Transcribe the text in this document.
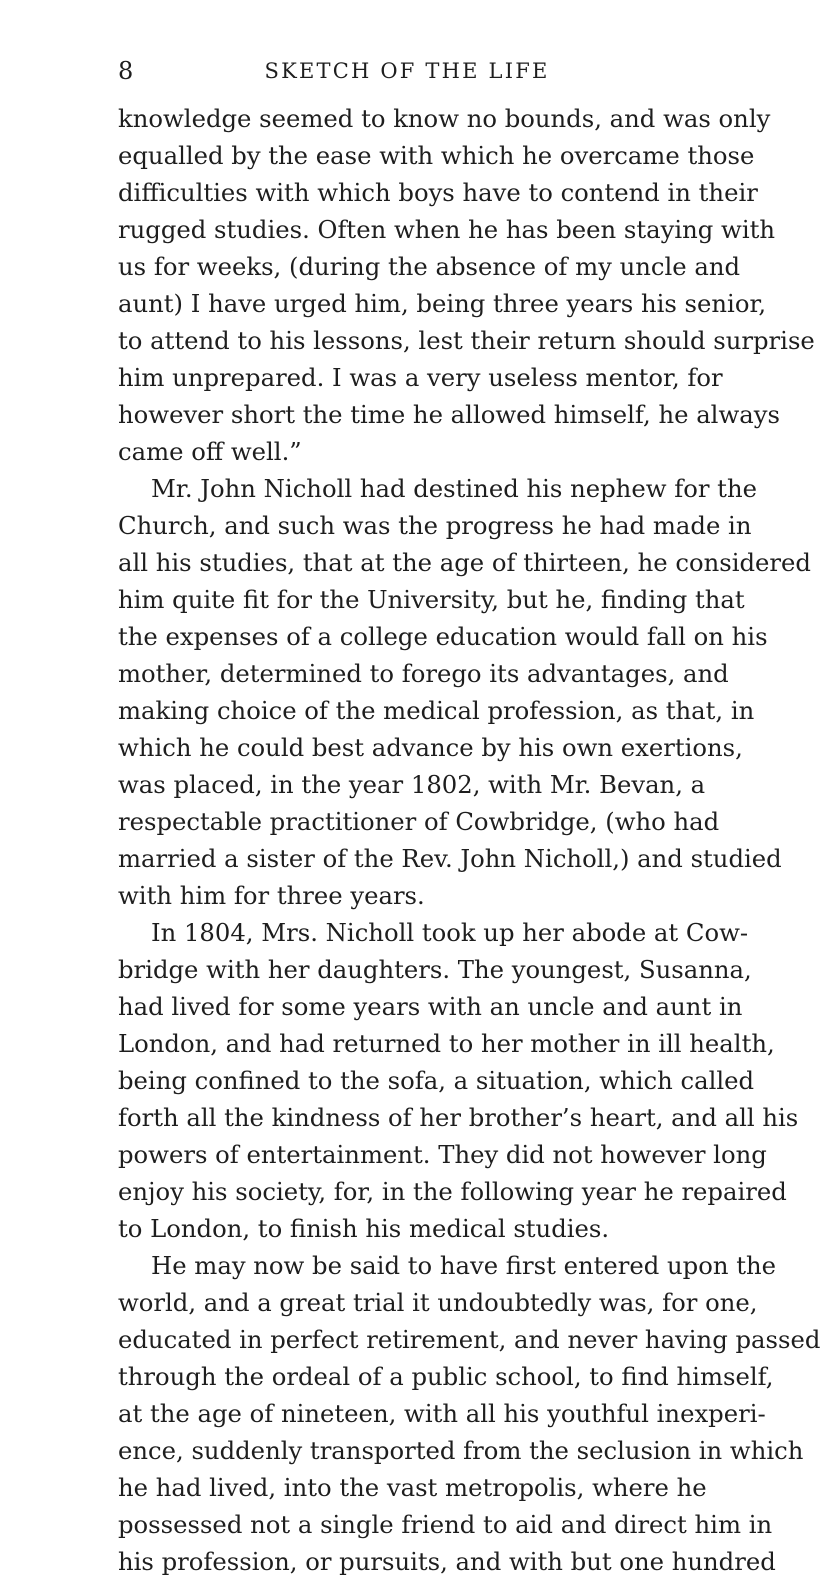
8	SKETCH OF THE LIFE
knowledge seemed to know no bounds, and was only
equalled by the ease with which he overcame those
difficulties with which boys have to contend in their
rugged studies. Often when he has been staying with
us for weeks, (during the absence of my uncle and
aunt) I have urged him, being three years his senior,
to attend to his lessons, lest their return should surprise
him unprepared. I was a very useless mentor, for
however short the time he allowed himself, he always
came off well.”
Mr. John Nicholl had destined his nephew for the
Church, and such was the progress he had made in
all his studies, that at the age of thirteen, he considered
him quite fit for the University, but he, finding that
the expenses of a college education would fall on his
mother, determined to forego its advantages, and
making choice of the medical profession, as that, in
which he could best advance by his own exertions,
was placed, in the year 1802, with Mr. Bevan, a
respectable practitioner of Cowbridge, (who had
married a sister of the Rev. John Nicholl,) and studied
with him for three years.
In 1804, Mrs. Nicholl took up her abode at Cow-
bridge with her daughters. The youngest, Susanna,
had lived for some years with an uncle and aunt in
London, and had returned to her mother in ill health,
being confined to the sofa, a situation, which called
forth all the kindness of her brother’s heart, and all his
powers of entertainment. They did not however long
enjoy his society, for, in the following year he repaired
to London, to finish his medical studies.
He may now be said to have first entered upon the
world, and a great trial it undoubtedly was, for one,
educated in perfect retirement, and never having passed
through the ordeal of a public school, to find himself,
at the age of nineteen, with all his youthful inexperi-
ence, suddenly transported from the seclusion in which
he had lived, into the vast metropolis, where he
possessed not a single friend to aid and direct him in
his profession, or pursuits, and with but one hundred
